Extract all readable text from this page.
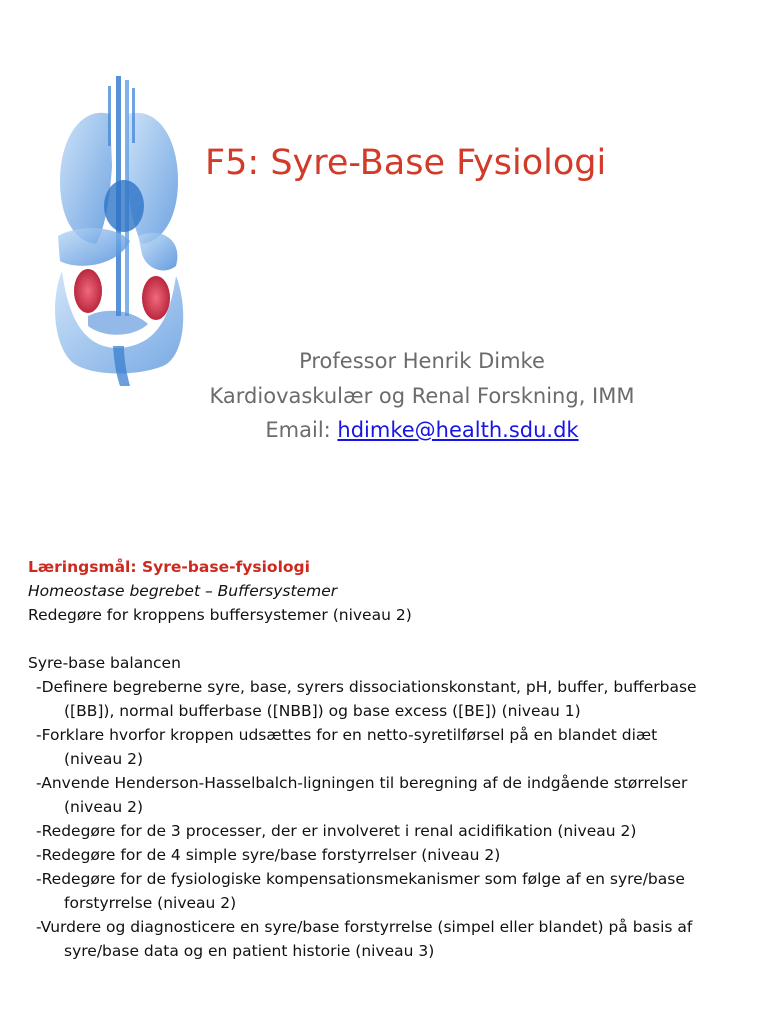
F5: Syre-Base Fysiologi
Professor Henrik Dimke
Kardiovaskulær og Renal Forskning, IMM
Email: hdimke@health.sdu.dk
Læringsmål: Syre-base-fysiologi
Homeostase begrebet – Buffersystemer
Redegøre for kroppens buffersystemer (niveau 2)
Syre-base balancen
-Definere begreberne syre, base, syrers dissociationskonstant, pH, buffer, bufferbase
([BB]), normal bufferbase ([NBB]) og base excess ([BE]) (niveau 1)
-Forklare hvorfor kroppen udsættes for en netto-syretilførsel på en blandet diæt
(niveau 2)
-Anvende Henderson-Hasselbalch-ligningen til beregning af de indgående størrelser
(niveau 2)
-Redegøre for de 3 processer, der er involveret i renal acidifikation (niveau 2)
-Redegøre for de 4 simple syre/base forstyrrelser (niveau 2)
-Redegøre for de fysiologiske kompensationsmekanismer som følge af en syre/base
forstyrrelse (niveau 2)
-Vurdere og diagnosticere en syre/base forstyrrelse (simpel eller blandet) på basis af
syre/base data og en patient historie (niveau 3)
